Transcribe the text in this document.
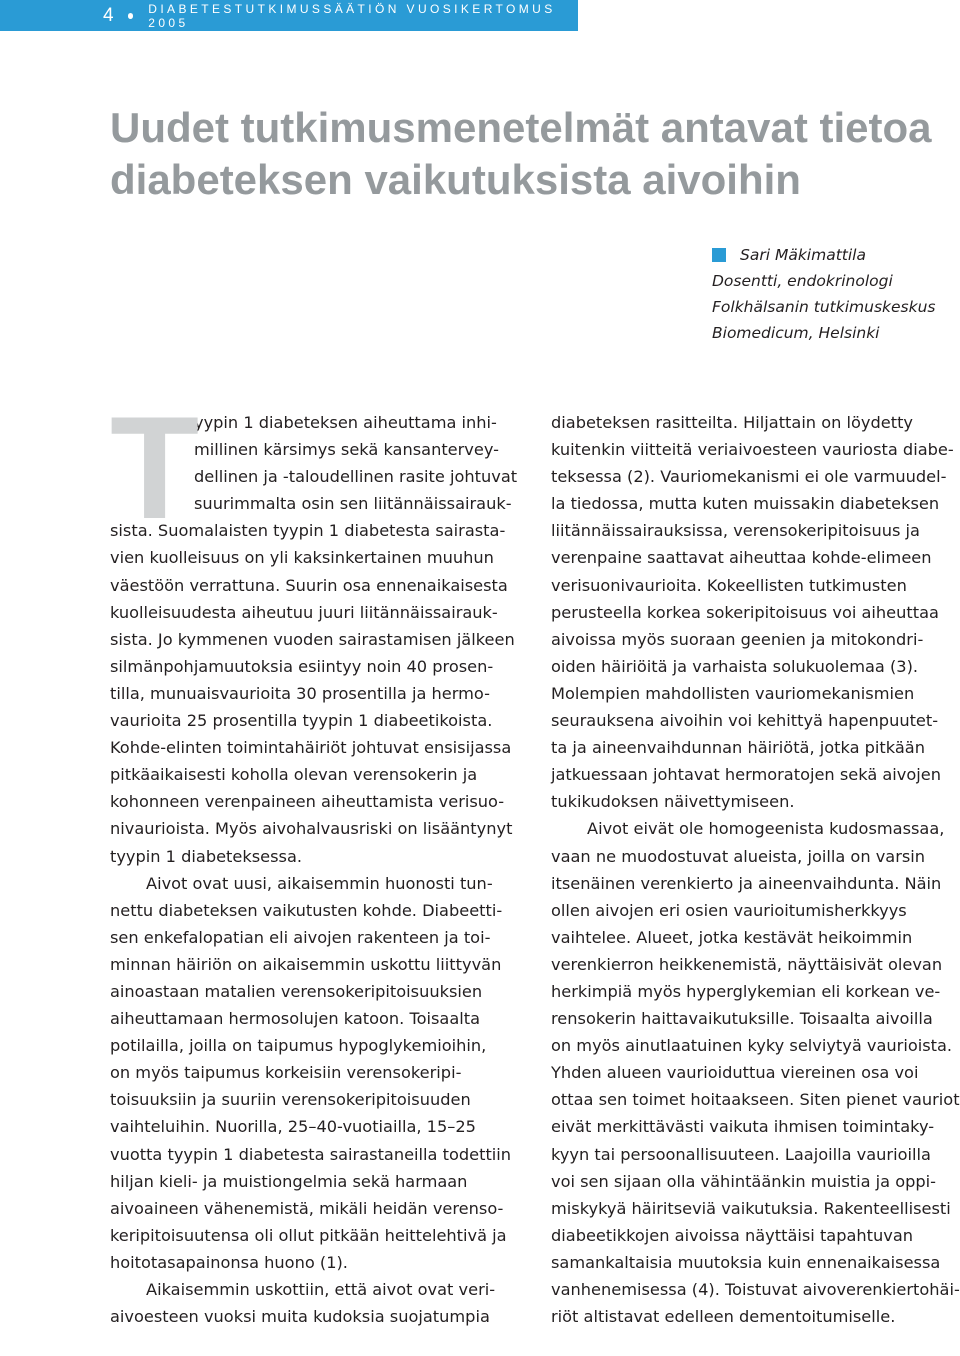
4	DIABETESTUTKIMUSSÄÄTIÖN VUOSIKERTOMUS 2005
Uudet tutkimusmenetelmät antavat tietoa diabeteksen vaikutuksista aivoihin
Sari Mäkimattila
Dosentti, endokrinologi
Folkhälsanin tutkimuskeskus
Biomedicum, Helsinki
T
yypin 1 diabeteksen aiheuttama inhi-
millinen kärsimys sekä kansantervey-
dellinen ja -taloudellinen rasite johtuvat
suurimmalta osin sen liitännäissairauk-
sista. Suomalaisten tyypin 1 diabetesta sairasta-
vien kuolleisuus on yli kaksinkertainen muuhun
väestöön verrattuna. Suurin osa ennenaikaisesta
kuolleisuudesta aiheutuu juuri liitännäissairauk-
sista. Jo kymmenen vuoden sairastamisen jälkeen
silmänpohjamuutoksia esiintyy noin 40 prosen-
tilla, munuaisvaurioita 30 prosentilla ja hermo-
vaurioita 25 prosentilla tyypin 1 diabeetikoista.
Kohde-elinten toimintahäiriöt johtuvat ensisijassa
pitkäaikaisesti koholla olevan verensokerin ja
kohonneen verenpaineen aiheuttamista verisuo-
nivaurioista. Myös aivohalvausriski on lisääntynyt
tyypin 1 diabeteksessa.
Aivot ovat uusi, aikaisemmin huonosti tun-
nettu diabeteksen vaikutusten kohde. Diabeetti-
sen enkefalopatian eli aivojen rakenteen ja toi-
minnan häiriön on aikaisemmin uskottu liittyvän
ainoastaan matalien verensokeripitoisuuksien
aiheuttamaan hermosolujen katoon. Toisaalta
potilailla, joilla on taipumus hypoglykemioihin,
on myös taipumus korkeisiin verensokeripi-
toisuuksiin ja suuriin verensokeripitoisuuden
vaihteluihin. Nuorilla, 25–40-vuotiailla, 15–25
vuotta tyypin 1 diabetesta sairastaneilla todettiin
hiljan kieli- ja muistiongelmia sekä harmaan
aivoaineen vähenemistä, mikäli heidän verenso-
keripitoisuutensa oli ollut pitkään heittelehtivä ja
hoitotasapainonsa huono (1).
Aikaisemmin uskottiin, että aivot ovat veri-
aivoesteen vuoksi muita kudoksia suojatumpia
diabeteksen rasitteilta. Hiljattain on löydetty
kuitenkin viitteitä veriaivoesteen vauriosta diabe-
teksessa (2). Vauriomekanismi ei ole varmuudel-
la tiedossa, mutta kuten muissakin diabeteksen
liitännäissairauksissa, verensokeripitoisuus ja
verenpaine saattavat aiheuttaa kohde-elimeen
verisuonivaurioita. Kokeellisten tutkimusten
perusteella korkea sokeripitoisuus voi aiheuttaa
aivoissa myös suoraan geenien ja mitokondri-
oiden häiriöitä ja varhaista solukuolemaa (3).
Molempien mahdollisten vauriomekanismien
seurauksena aivoihin voi kehittyä hapenpuutet-
ta ja aineenvaihdunnan häiriötä, jotka pitkään
jatkuessaan johtavat hermoratojen sekä aivojen
tukikudoksen näivettymiseen.
Aivot eivät ole homogeenista kudosmassaa,
vaan ne muodostuvat alueista, joilla on varsin
itsenäinen verenkierto ja aineenvaihdunta. Näin
ollen aivojen eri osien vaurioitumisherkkyys
vaihtelee. Alueet, jotka kestävät heikoimmin
verenkierron heikkenemistä, näyttäisivät olevan
herkimpiä myös hyperglykemian eli korkean ve-
rensokerin haittavaikutuksille. Toisaalta aivoilla
on myös ainutlaatuinen kyky selviytyä vaurioista.
Yhden alueen vaurioiduttua viereinen osa voi
ottaa sen toimet hoitaakseen. Siten pienet vauriot
eivät merkittävästi vaikuta ihmisen toimintaky-
kyyn tai persoonallisuuteen. Laajoilla vaurioilla
voi sen sijaan olla vähintäänkin muistia ja oppi-
miskykyä häiritseviä vaikutuksia. Rakenteellisesti
diabeetikkojen aivoissa näyttäisi tapahtuvan
samankaltaisia muutoksia kuin ennenaikaisessa
vanhenemisessa (4). Toistuvat aivoverenkiertohäi-
riöt altistavat edelleen dementoitumiselle.
